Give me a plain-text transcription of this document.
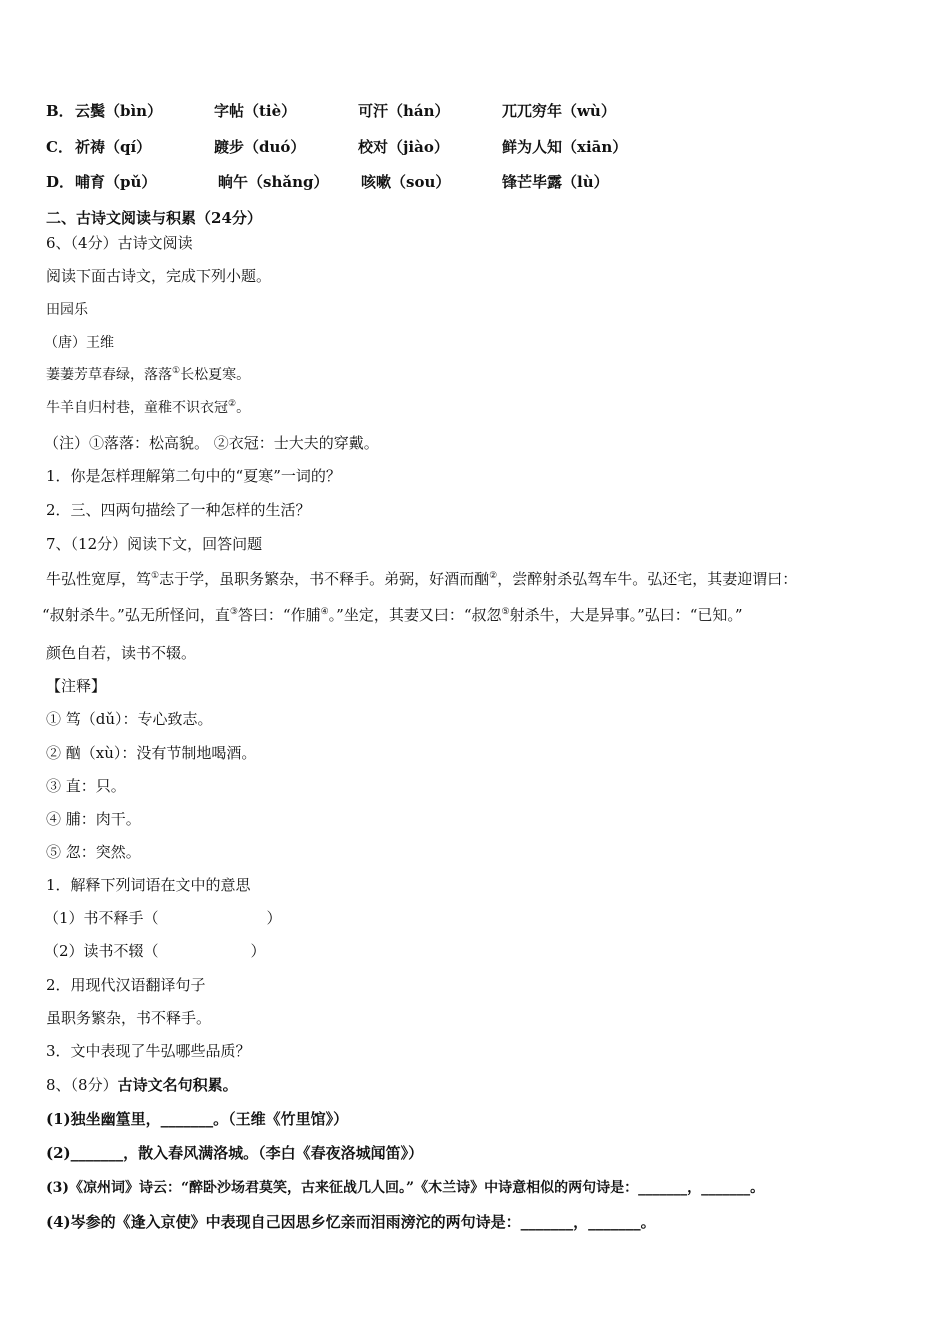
B． 云鬓（bìn）	字帖（tiè）	可汗（hán）	兀兀穷年（wù）
C． 祈祷（qí）	踱步（duó）	校对（jiào）	鲜为人知（xiān）
D． 哺育（pǔ）	晌午（shǎng） 咳嗽（sou）	锋芒毕露（lù）
二、古诗文阅读与积累（24分）
6、（4分）古诗文阅读
阅读下面古诗文，完成下列小题。
田园乐
（唐）王维
萋萋芳草春绿，落落①长松夏寒。
牛羊自归村巷，童稚不识衣冠②。
（注）①落落：松高貌。 ②衣冠：士大夫的穿戴。
1．你是怎样理解第二句中的“夏寒”一词的？
2．三、四两句描绘了一种怎样的生活？
7、（12分）阅读下文，回答问题
牛弘性宽厚，笃①志于学，虽职务繁杂，书不释手。弟弼，好酒而酗②，尝醉射杀弘驾车牛。弘还宅，其妻迎谓曰：
“叔射杀牛。”弘无所怪问，直③答曰：“作脯④。”坐定，其妻又曰：“叔忽⑤射杀牛，大是异事。”弘曰：“已知。”
颜色自若，读书不辍。
【注释】
① 笃（dǔ）：专心致志。
② 酗（xù）：没有节制地喝酒。
③ 直：只。
④ 脯：肉干。
⑤ 忽：突然。
1．解释下列词语在文中的意思
（1）书不释手（	）
（2）读书不辍（	）
2．用现代汉语翻译句子
虽职务繁杂，书不释手。
3．文中表现了牛弘哪些品质？
8、（8分）古诗文名句积累。
(1)独坐幽篁里，_______。（王维《竹里馆》）
(2)_______，散入春风满洛城。（李白《春夜洛城闻笛》）
(3)《凉州词》诗云：“醉卧沙场君莫笑，古来征战几人回。”《木兰诗》中诗意相似的两句诗是：_______，_______。
(4)岑参的《逢入京使》中表现自己因思乡忆亲而泪雨滂沱的两句诗是：_______，_______。
